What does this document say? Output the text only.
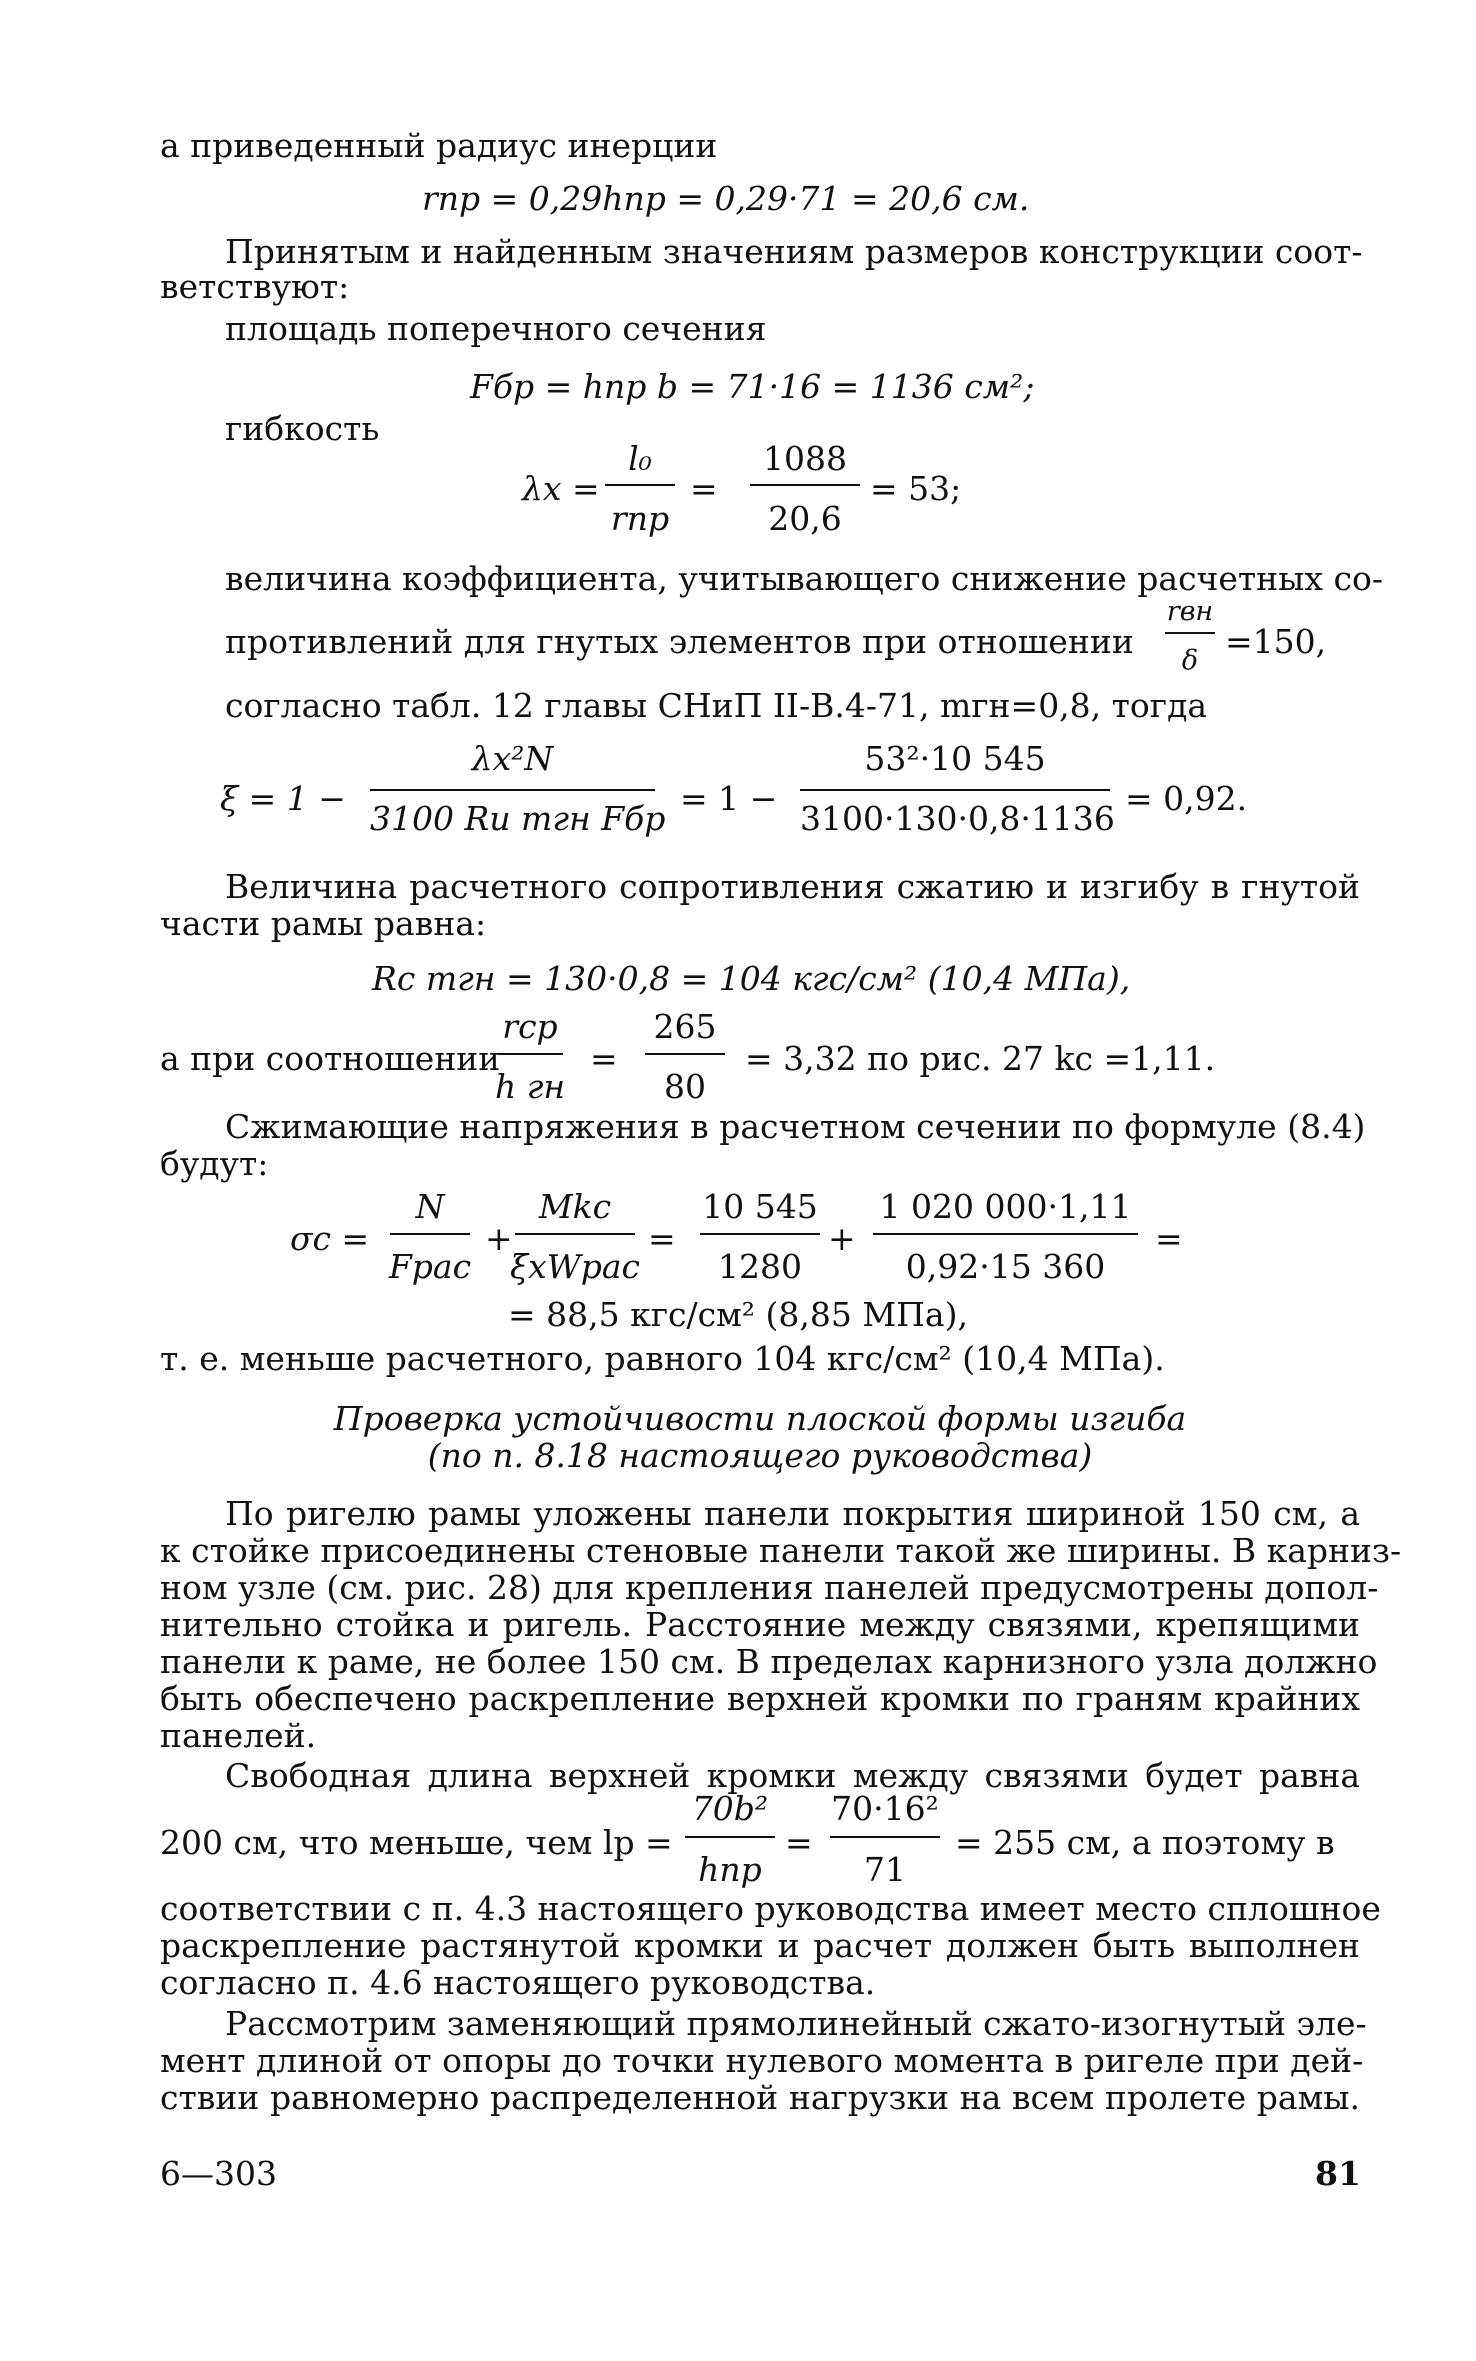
а приведенный радиус инерции
rпр = 0,29hпр = 0,29·71 = 20,6 см.
Принятым и найденным значениям размеров конструкции соот-
ветствуют:
площадь поперечного сечения
Fбр = hпр b = 71·16 = 1136 см²;
гибкость
λx =
l₀
rпр
=
1088
20,6
= 53;
величина коэффициента, учитывающего снижение расчетных со-
противлений для гнутых элементов при отношении
rвн
δ =150,
согласно табл. 12 главы СНиП II-В.4-71, mгн=0,8, тогда
ξ = 1 −
λx²N
3100 Rи mгн Fбр
= 1 −
53²·10 545
3100·130·0,8·1136
= 0,92.
Величина расчетного сопротивления сжатию и изгибу в гнутой
части рамы равна:
Rс mгн = 130·0,8 = 104 кгс/см² (10,4 МПа),
а при соотношении
rср
h гн
=
265
80
= 3,32 по рис. 27 kс =1,11.
Сжимающие напряжения в расчетном сечении по формуле (8.4)
будут:
σс =
N
Fрас
+
Mkс
ξxWрас
=
10 545
1280
+
1 020 000·1,11
0,92·15 360
=
= 88,5 кгс/см² (8,85 МПа),
т. е. меньше расчетного, равного 104 кгс/см² (10,4 МПа).
Проверка устойчивости плоской формы изгиба
(по п. 8.18 настоящего руководства)
По ригелю рамы уложены панели покрытия шириной 150 см, а
к стойке присоединены стеновые панели такой же ширины. В карниз-
ном узле (см. рис. 28) для крепления панелей предусмотрены допол-
нительно стойка и ригель. Расстояние между связями, крепящими
панели к раме, не более 150 см. В пределах карнизного узла должно
быть обеспечено раскрепление верхней кромки по граням крайних
панелей.
Свободная длина верхней кромки между связями будет равна
200 см, что меньше, чем lр =
70b²
hпр
=
70·16²
71
= 255 см, а поэтому в
соответствии с п. 4.3 настоящего руководства имеет место сплошное
раскрепление растянутой кромки и расчет должен быть выполнен
согласно п. 4.6 настоящего руководства.
Рассмотрим заменяющий прямолинейный сжато-изогнутый эле-
мент длиной от опоры до точки нулевого момента в ригеле при дей-
ствии равномерно распределенной нагрузки на всем пролете рамы.
6—303	81
